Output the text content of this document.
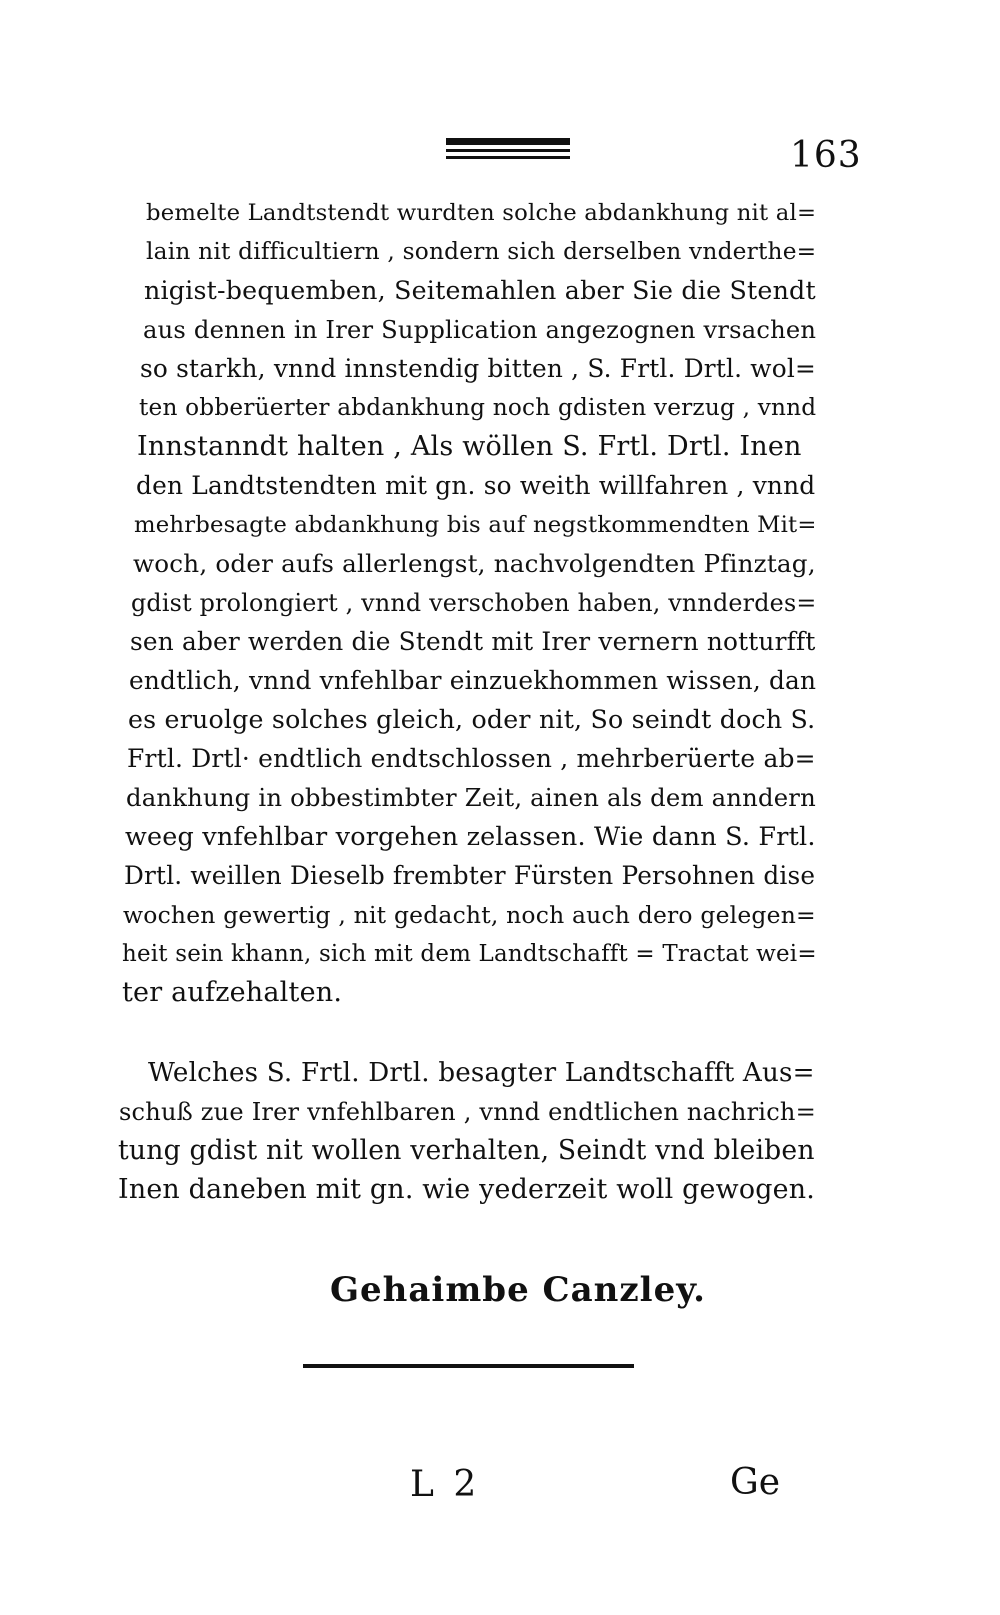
163
bemelte Landtstendt wurdten solche abdankhung nit al=
lain nit difficultiern , sondern sich derselben vnderthe=
nigist-bequemben, Seitemahlen aber Sie die Stendt
aus dennen in Irer Supplication angezognen vrsachen
so starkh, vnnd innstendig bitten , S. Frtl. Drtl. wol=
ten obberüerter abdankhung noch gdisten verzug , vnnd
Innstanndt halten , Als wöllen S. Frtl. Drtl. Inen
den Landtstendten mit gn. so weith willfahren , vnnd
mehrbesagte abdankhung bis auf negstkommendten Mit=
woch, oder aufs allerlengst, nachvolgendten Pfinztag,
gdist prolongiert , vnnd verschoben haben, vnnderdes=
sen aber werden die Stendt mit Irer vernern notturfft
endtlich, vnnd vnfehlbar einzuekhommen wissen, dan
es eruolge solches gleich, oder nit, So seindt doch S.
Frtl. Drtl· endtlich endtschlossen , mehrberüerte ab=
dankhung in obbestimbter Zeit, ainen als dem anndern
weeg vnfehlbar vorgehen zelassen. Wie dann S. Frtl.
Drtl. weillen Dieselb frembter Fürsten Persohnen dise
wochen gewertig , nit gedacht, noch auch dero gelegen=
heit sein khann, sich mit dem Landtschafft = Tractat wei=
ter aufzehalten.
Welches S. Frtl. Drtl. besagter Landtschafft Aus=
schuß zue Irer vnfehlbaren , vnnd endtlichen nachrich=
tung gdist nit wollen verhalten, Seindt vnd bleiben
Inen daneben mit gn. wie yederzeit woll gewogen.
Gehaimbe Canzley.
L 2	Ge
